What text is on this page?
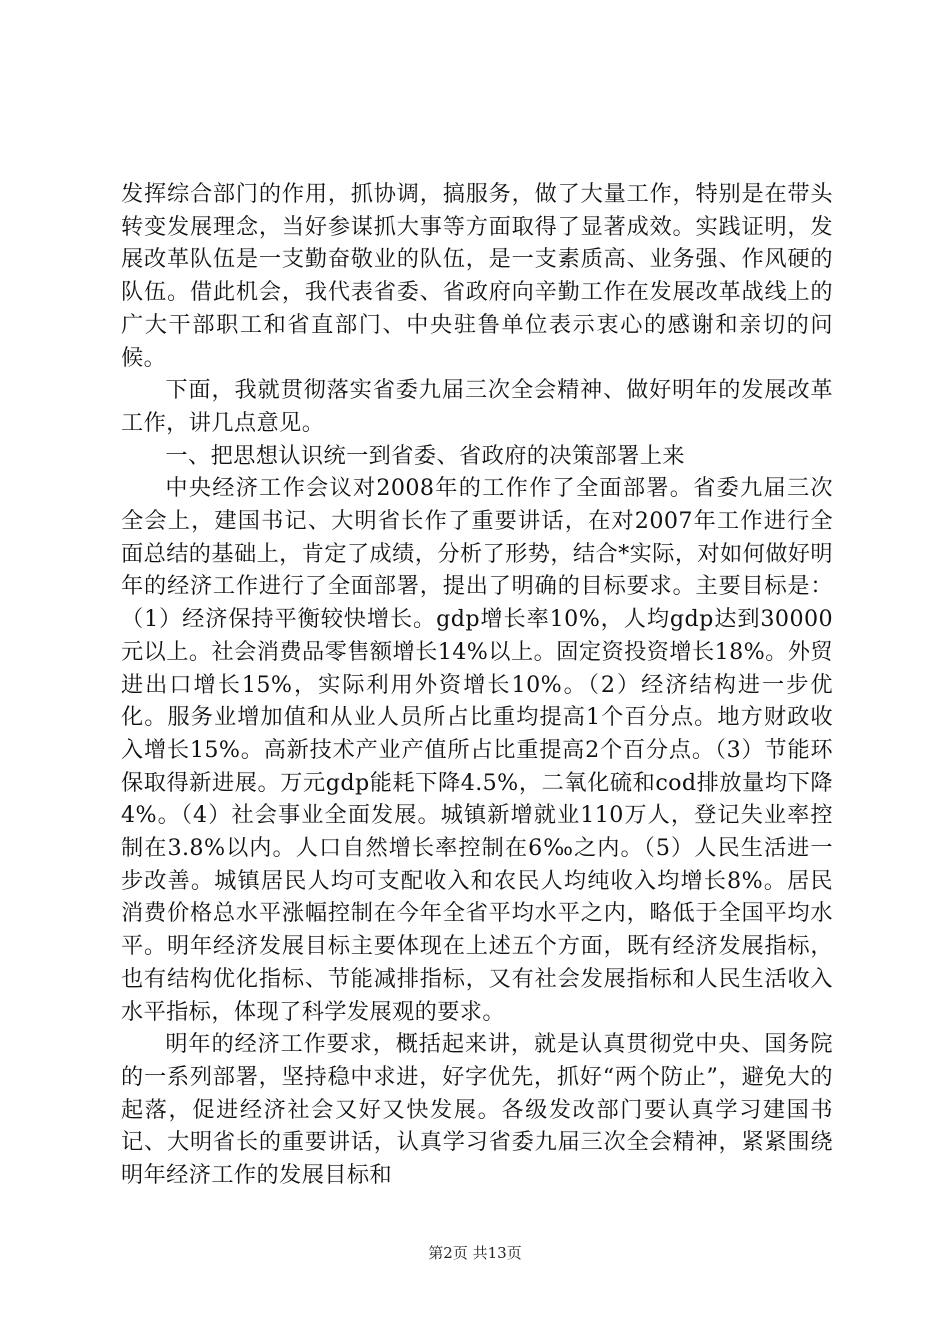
发挥综合部门的作用，抓协调，搞服务，做了大量工作，特别是在带头转变发展理念，当好参谋抓大事等方面取得了显著成效。实践证明，发展改革队伍是一支勤奋敬业的队伍，是一支素质高、业务强、作风硬的队伍。借此机会，我代表省委、省政府向辛勤工作在发展改革战线上的广大干部职工和省直部门、中央驻鲁单位表示衷心的感谢和亲切的问候。

下面，我就贯彻落实省委九届三次全会精神、做好明年的发展改革工作，讲几点意见。

一、把思想认识统一到省委、省政府的决策部署上来

中央经济工作会议对2008年的工作作了全面部署。省委九届三次全会上，建国书记、大明省长作了重要讲话，在对2007年工作进行全面总结的基础上，肯定了成绩，分析了形势，结合*实际，对如何做好明年的经济工作进行了全面部署，提出了明确的目标要求。主要目标是：（1）经济保持平衡较快增长。gdp增长率10%，人均gdp达到30000元以上。社会消费品零售额增长14%以上。固定资投资增长18%。外贸进出口增长15%，实际利用外资增长10%。（2）经济结构进一步优化。服务业增加值和从业人员所占比重均提高1个百分点。地方财政收入增长15%。高新技术产业产值所占比重提高2个百分点。（3）节能环保取得新进展。万元gdp能耗下降4.5%，二氧化硫和cod排放量均下降4%。（4）社会事业全面发展。城镇新增就业110万人，登记失业率控制在3.8%以内。人口自然增长率控制在6‰之内。（5）人民生活进一步改善。城镇居民人均可支配收入和农民人均纯收入均增长8%。居民消费价格总水平涨幅控制在今年全省平均水平之内，略低于全国平均水平。明年经济发展目标主要体现在上述五个方面，既有经济发展指标，也有结构优化指标、节能减排指标，又有社会发展指标和人民生活收入水平指标，体现了科学发展观的要求。

明年的经济工作要求，概括起来讲，就是认真贯彻党中央、国务院的一系列部署，坚持稳中求进，好字优先，抓好“两个防止”，避免大的起落，促进经济社会又好又快发展。各级发改部门要认真学习建国书记、大明省长的重要讲话，认真学习省委九届三次全会精神，紧紧围绕明年经济工作的发展目标和

第2页 共13页
